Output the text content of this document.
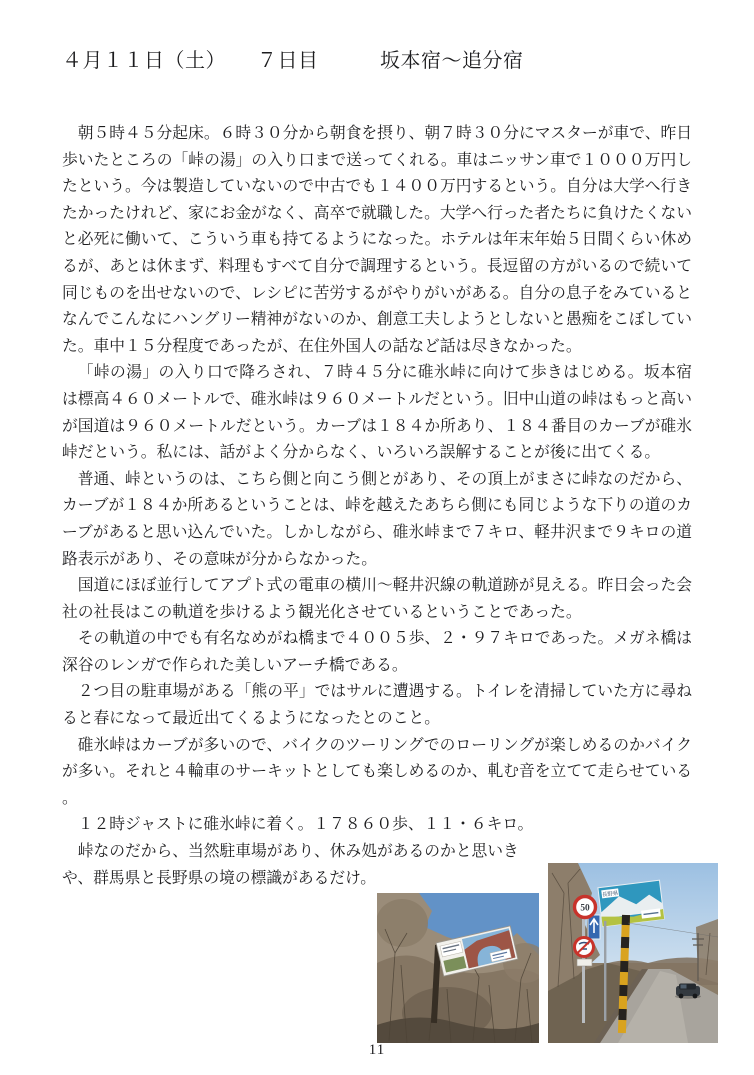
４月１１日（土）　　７日目　　　坂本宿～追分宿

朝５時４５分起床。６時３０分から朝食を摂り、朝７時３０分にマスターが車で、昨日歩いたところの「峠の湯」の入り口まで送ってくれる。車はニッサン車で１０００万円したという。今は製造していないので中古でも１４００万円するという。自分は大学へ行きたかったけれど、家にお金がなく、高卒で就職した。大学へ行った者たちに負けたくないと必死に働いて、こういう車も持てるようになった。ホテルは年末年始５日間くらい休めるが、あとは休まず、料理もすべて自分で調理するという。長逗留の方がいるので続いて同じものを出せないので、レシピに苦労するがやりがいがある。自分の息子をみているとなんでこんなにハングリー精神がないのか、創意工夫しようとしないと愚痴をこぼしていた。車中１５分程度であったが、在住外国人の話など話は尽きなかった。

「峠の湯」の入り口で降ろされ、７時４５分に碓氷峠に向けて歩きはじめる。坂本宿は標高４６０メートルで、碓氷峠は９６０メートルだという。旧中山道の峠はもっと高いが国道は９６０メートルだという。カーブは１８４か所あり、１８４番目のカーブが碓氷峠だという。私には、話がよく分からなく、いろいろ誤解することが後に出てくる。

普通、峠というのは、こちら側と向こう側とがあり、その頂上がまさに峠なのだから、カーブが１８４か所あるということは、峠を越えたあちら側にも同じような下りの道のカーブがあると思い込んでいた。しかしながら、碓氷峠まで７キロ、軽井沢まで９キロの道路表示があり、その意味が分からなかった。

国道にほぼ並行してアプト式の電車の横川～軽井沢線の軌道跡が見える。昨日会った会社の社長はこの軌道を歩けるよう観光化させているということであった。

その軌道の中でも有名なめがね橋まで４００５歩、２・９７キロであった。メガネ橋は深谷のレンガで作られた美しいアーチ橋である。

２つ目の駐車場がある「熊の平」ではサルに遭遇する。トイレを清掃していた方に尋ねると春になって最近出てくるようになったとのこと。

碓氷峠はカーブが多いので、バイクのツーリングでのローリングが楽しめるのかバイクが多い。それと４輪車のサーキットとしても楽しめるのか、軋む音を立てて走らせている。

１２時ジャストに碓氷峠に着く。１７８６０歩、１１・６キロ。

峠なのだから、当然駐車場があり、休み処があるのかと思いき
や、群馬県と長野県の境の標識があるだけ。
長野県
50
11
